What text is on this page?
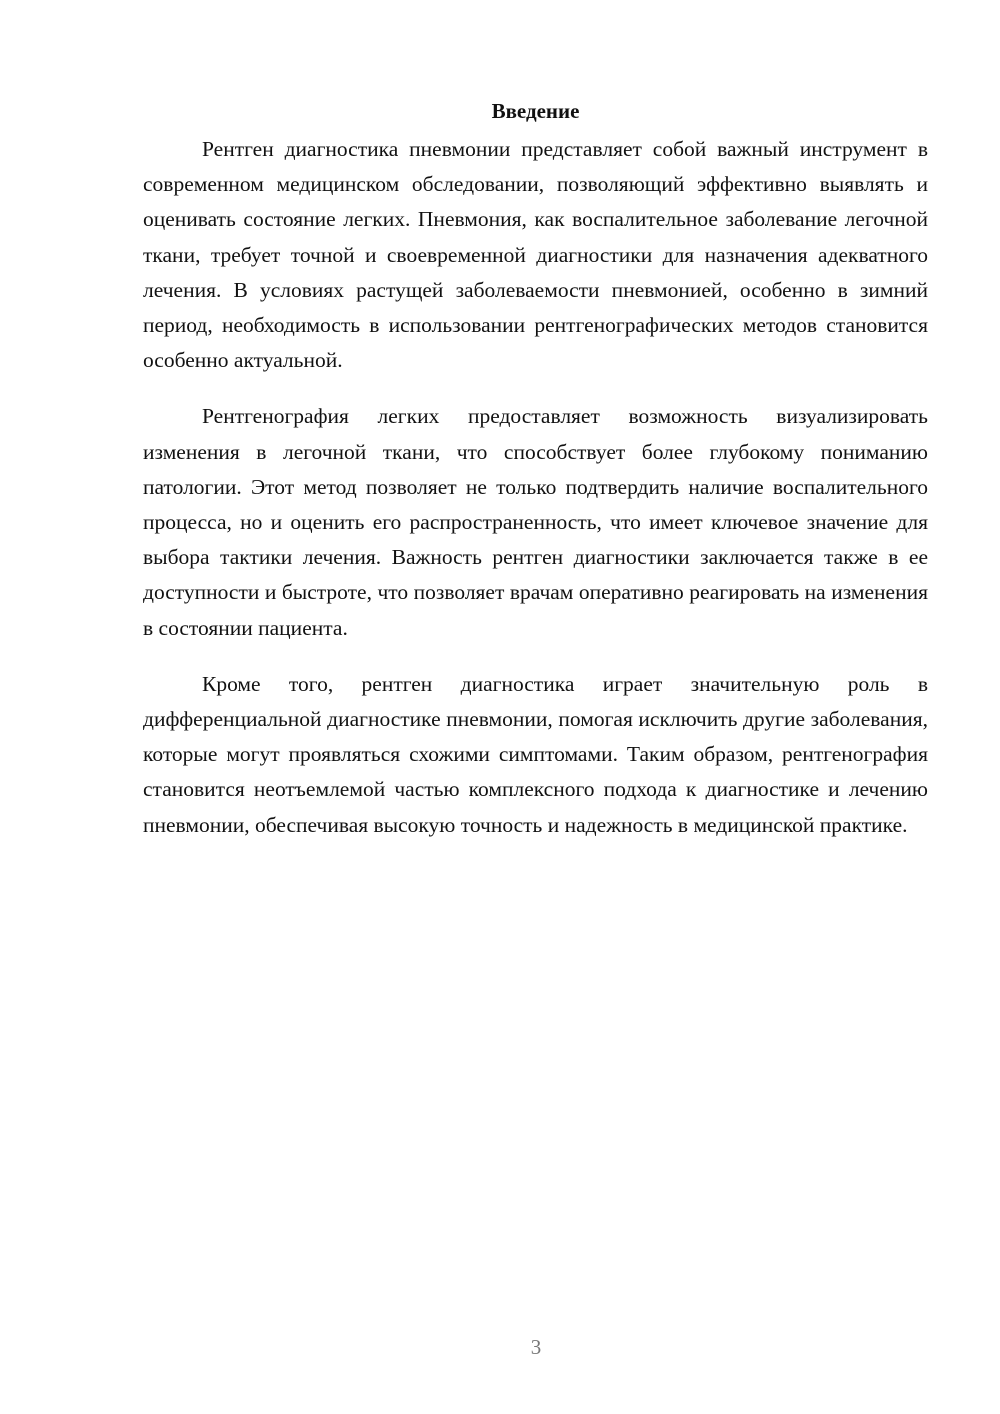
Введение

Рентген диагностика пневмонии представляет собой важный инструмент в современном медицинском обследовании, позволяющий эффективно выявлять и оценивать состояние легких. Пневмония, как воспалительное заболевание легочной ткани, требует точной и своевременной диагностики для назначения адекватного лечения. В условиях растущей заболеваемости пневмонией, особенно в зимний период, необходимость в использовании рентгенографических методов становится особенно актуальной.

Рентгенография легких предоставляет возможность визуализировать изменения в легочной ткани, что способствует более глубокому пониманию патологии. Этот метод позволяет не только подтвердить наличие воспалительного процесса, но и оценить его распространенность, что имеет ключевое значение для выбора тактики лечения. Важность рентген диагностики заключается также в ее доступности и быстроте, что позволяет врачам оперативно реагировать на изменения в состоянии пациента.

Кроме того, рентген диагностика играет значительную роль в дифференциальной диагностике пневмонии, помогая исключить другие заболевания, которые могут проявляться схожими симптомами. Таким образом, рентгенография становится неотъемлемой частью комплексного подхода к диагностике и лечению пневмонии, обеспечивая высокую точность и надежность в медицинской практике.

3
